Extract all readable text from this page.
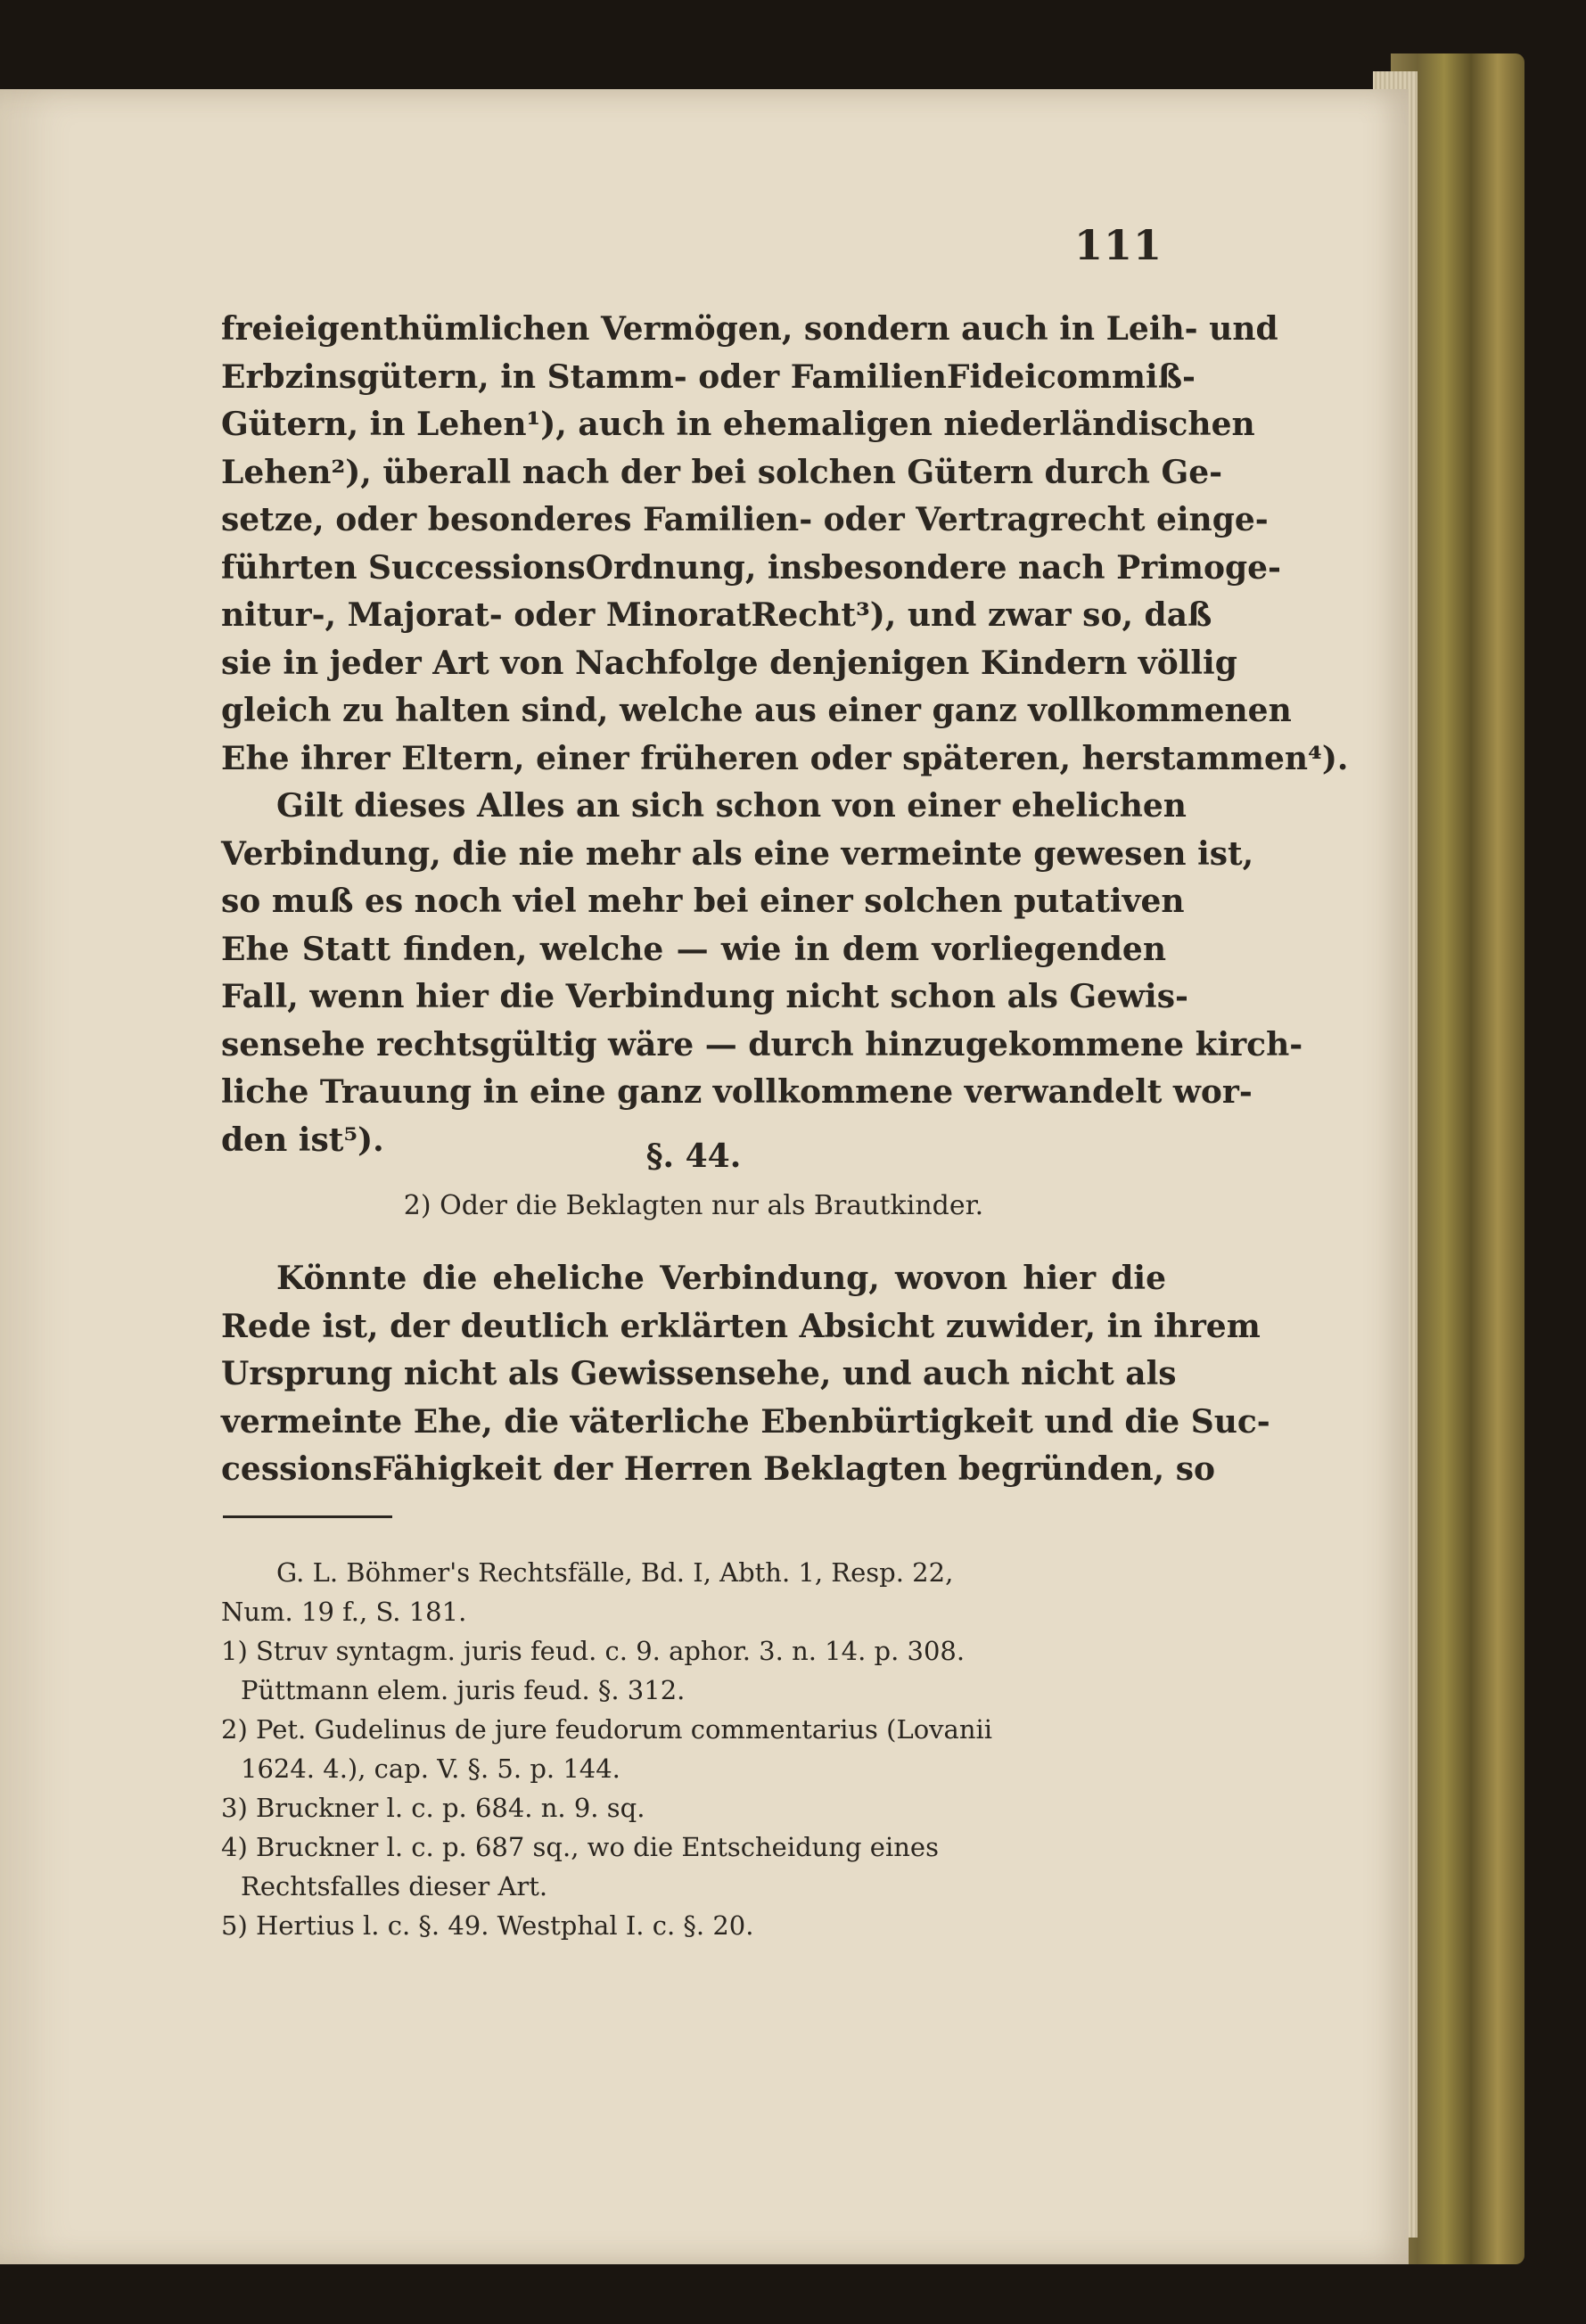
111
freieigenthümlichen Vermögen, sondern auch in Leih- und
Erbzinsgütern, in Stamm- oder FamilienFideicommiß-
Gütern, in Lehen¹), auch in ehemaligen niederländischen
Lehen²), überall nach der bei solchen Gütern durch Ge-
setze, oder besonderes Familien- oder Vertragrecht einge-
führten SuccessionsOrdnung, insbesondere nach Primoge-
nitur-, Majorat- oder MinoratRecht³), und zwar so, daß
sie in jeder Art von Nachfolge denjenigen Kindern völlig
gleich zu halten sind, welche aus einer ganz vollkommenen
Ehe ihrer Eltern, einer früheren oder späteren, herstammen⁴).
Gilt dieses Alles an sich schon von einer ehelichen
Verbindung, die nie mehr als eine vermeinte gewesen ist,
so muß es noch viel mehr bei einer solchen putativen
Ehe Statt finden, welche — wie in dem vorliegenden
Fall, wenn hier die Verbindung nicht schon als Gewis-
sensehe rechtsgültig wäre — durch hinzugekommene kirch-
liche Trauung in eine ganz vollkommene verwandelt wor-
den ist⁵).	§. 44.
2) Oder die Beklagten nur als Brautkinder.
Könnte die eheliche Verbindung, wovon hier die
Rede ist, der deutlich erklärten Absicht zuwider, in ihrem
Ursprung nicht als Gewissensehe, und auch nicht als
vermeinte Ehe, die väterliche Ebenbürtigkeit und die Suc-
cessionsFähigkeit der Herren Beklagten begründen, so
G. L. Böhmer's Rechtsfälle, Bd. I, Abth. 1, Resp. 22,
Num. 19 f., S. 181.
1) Struv syntagm. juris feud. c. 9. aphor. 3. n. 14. p. 308.
Püttmann elem. juris feud. §. 312.
2) Pet. Gudelinus de jure feudorum commentarius (Lovanii
1624. 4.), cap. V. §. 5. p. 144.
3) Bruckner l. c. p. 684. n. 9. sq.
4) Bruckner l. c. p. 687 sq., wo die Entscheidung eines
Rechtsfalles dieser Art.
5) Hertius l. c. §. 49. Westphal I. c. §. 20.
